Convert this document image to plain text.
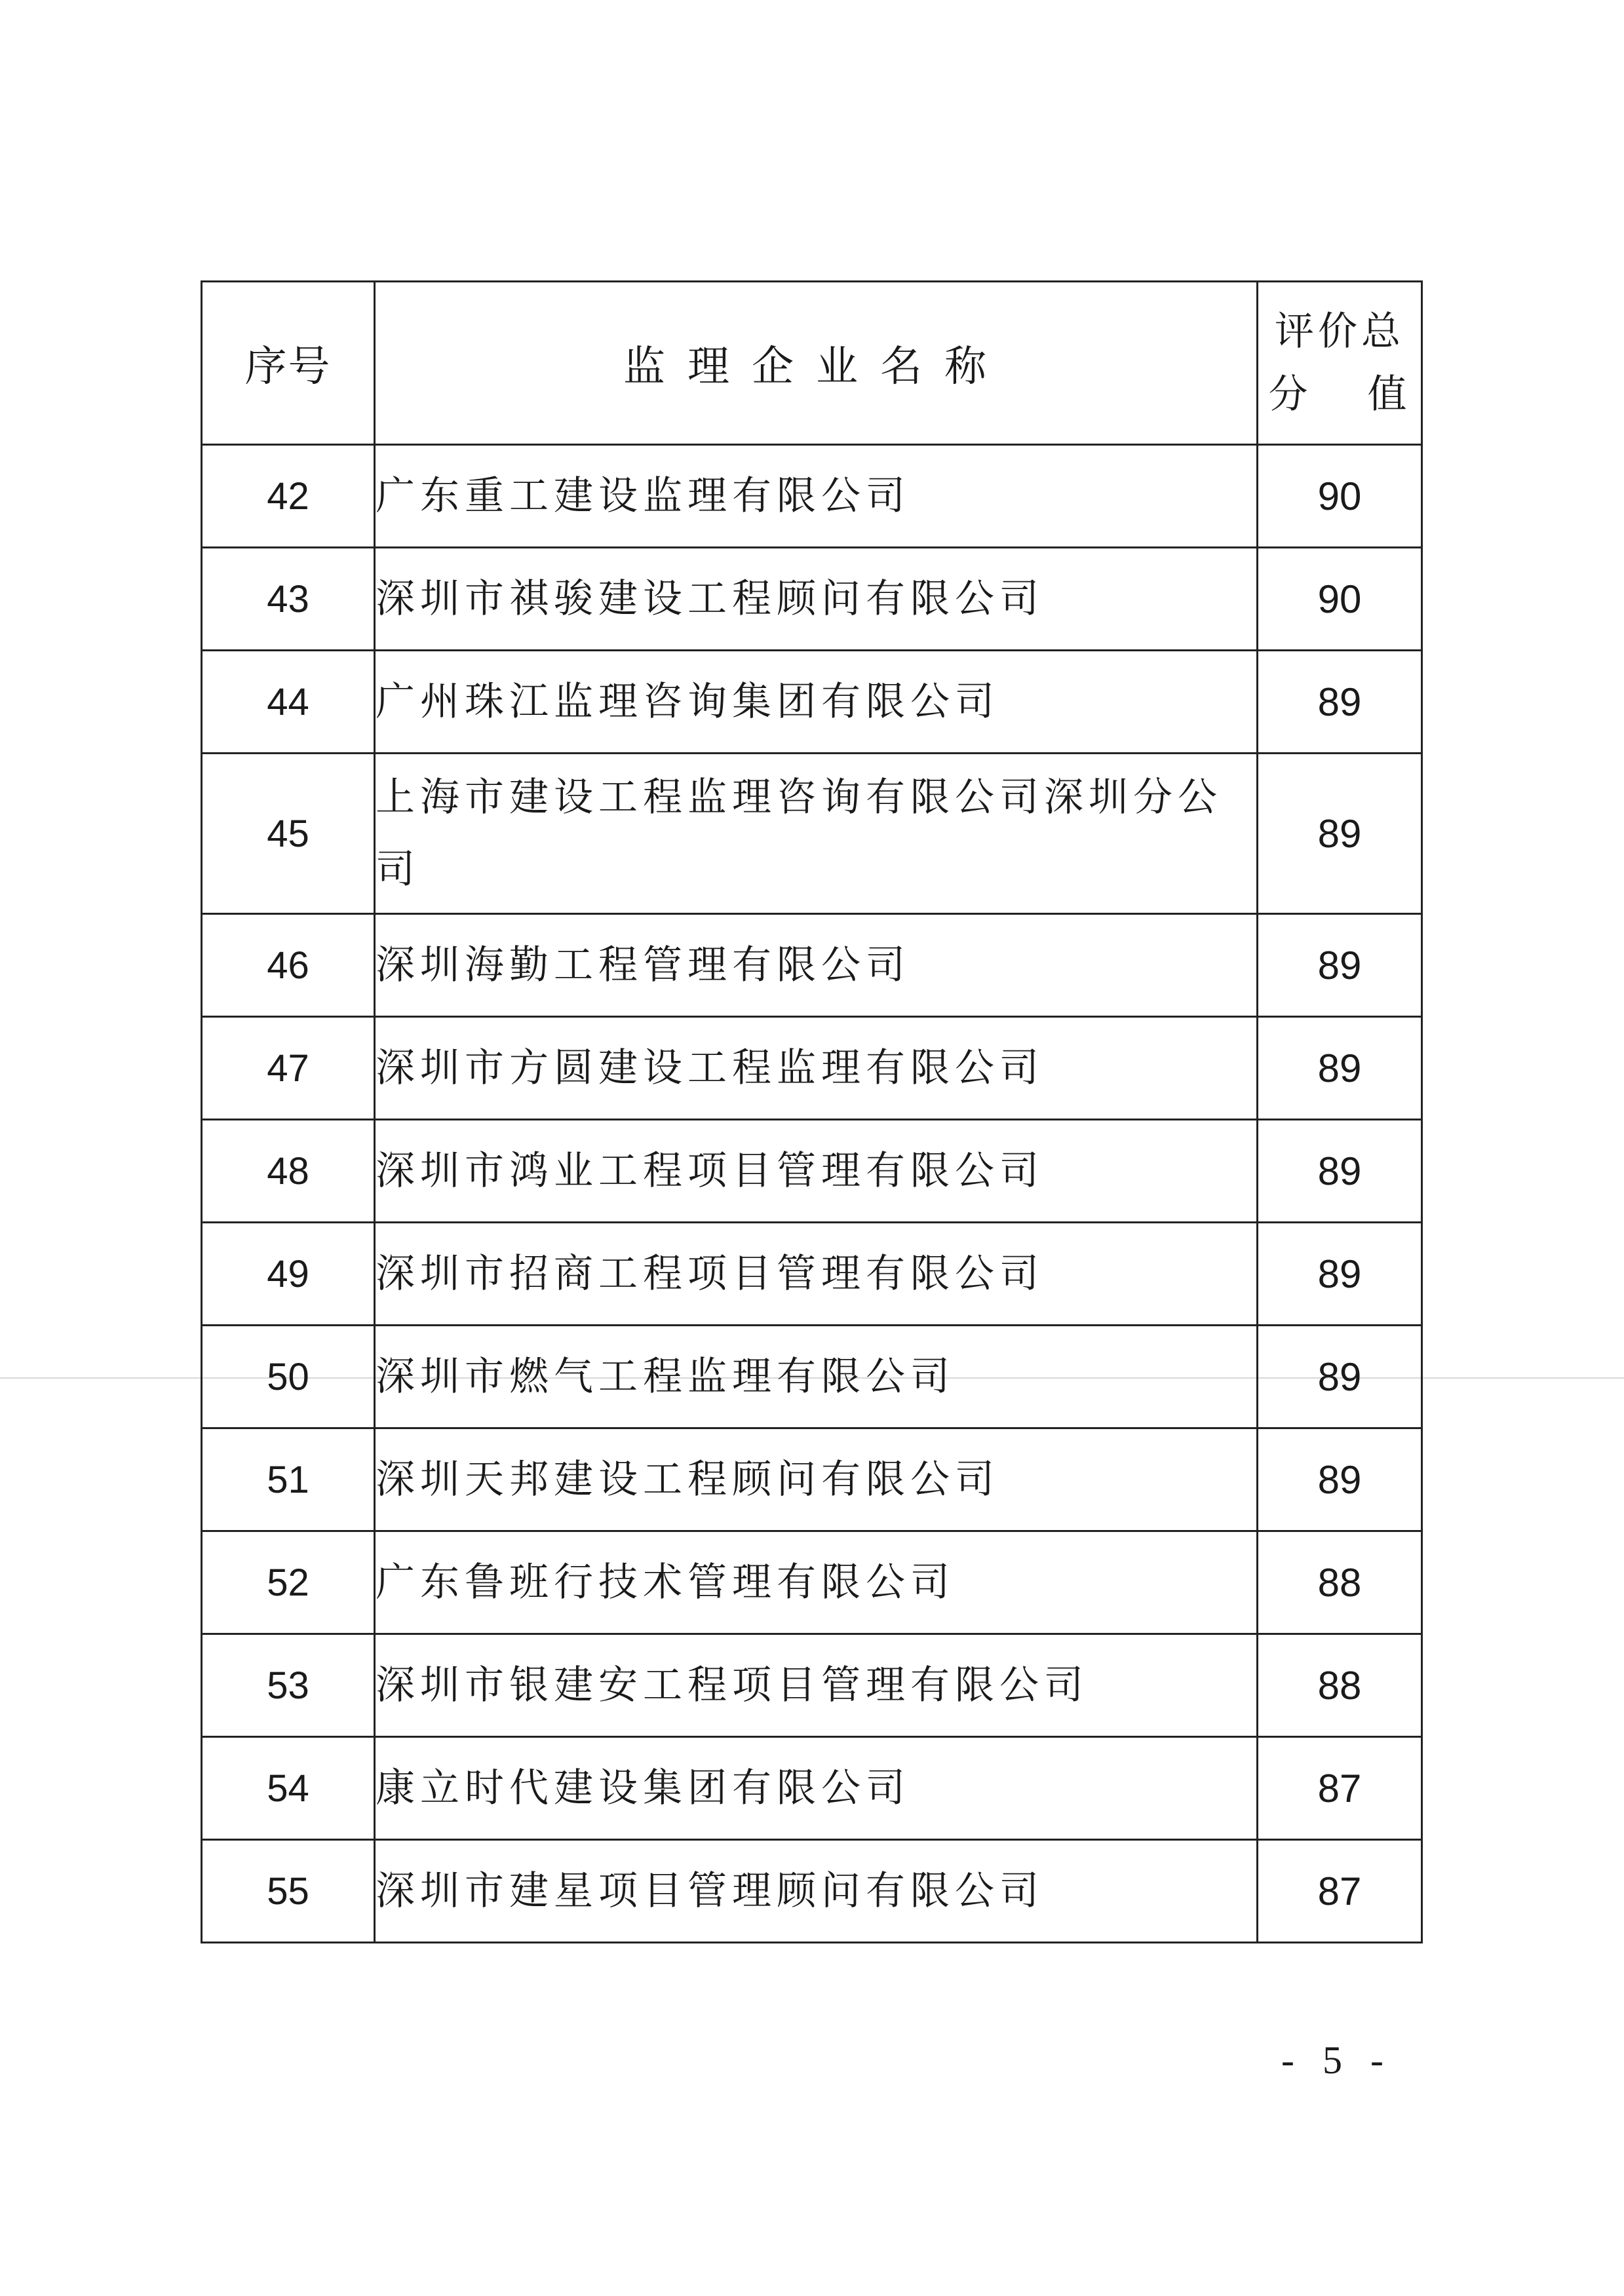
序号	监理企业名称	评价总
分 值

42	广东重工建设监理有限公司	90
43	深圳市祺骏建设工程顾问有限公司	90
44	广州珠江监理咨询集团有限公司	89
45	上海市建设工程监理咨询有限公司深圳分公司	89
46	深圳海勤工程管理有限公司	89
47	深圳市方圆建设工程监理有限公司	89
48	深圳市鸿业工程项目管理有限公司	89
49	深圳市招商工程项目管理有限公司	89
50	深圳市燃气工程监理有限公司	89
51	深圳天邦建设工程顾问有限公司	89
52	广东鲁班行技术管理有限公司	88
53	深圳市银建安工程项目管理有限公司	88
54	康立时代建设集团有限公司	87
55	深圳市建星项目管理顾问有限公司	87
- 5 -
